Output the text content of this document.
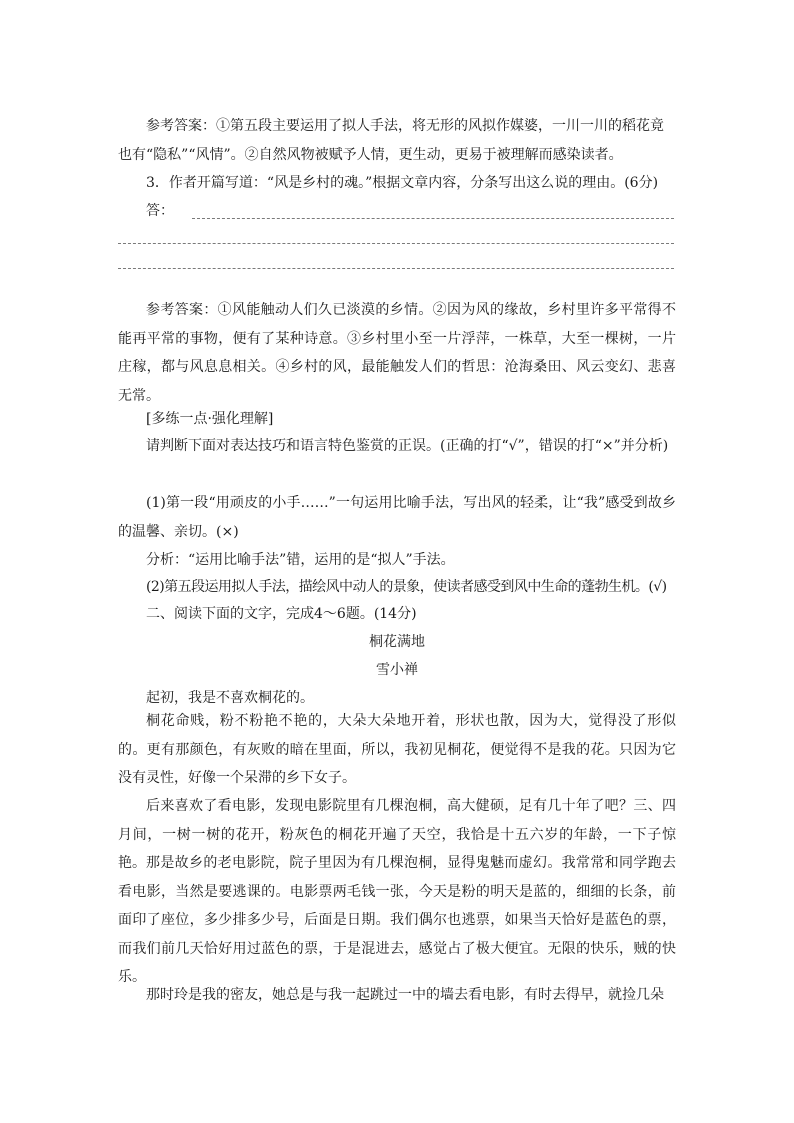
参考答案：①第五段主要运用了拟人手法，将无形的风拟作媒婆，一川一川的稻花竟
也有“隐私”“风情”。②自然风物被赋予人情，更生动，更易于被理解而感染读者。
3．作者开篇写道：“风是乡村的魂。”根据文章内容，分条写出这么说的理由。(6分)
答：
参考答案：①风能触动人们久已淡漠的乡情。②因为风的缘故，乡村里许多平常得不能再平常的事物，便有了某种诗意。③乡村里小至一片浮萍，一株草，大至一棵树，一片庄稼，都与风息息相关。④乡村的风，最能触发人们的哲思：沧海桑田、风云变幻、悲喜无常。
[多练一点·强化理解]
请判断下面对表达技巧和语言特色鉴赏的正误。(正确的打“√”，错误的打“×”并分析)
(1)第一段“用顽皮的小手……”一句运用比喻手法，写出风的轻柔，让“我”感受到故乡的温馨、亲切。(×)
分析：“运用比喻手法”错，运用的是“拟人”手法。
(2)第五段运用拟人手法，描绘风中动人的景象，使读者感受到风中生命的蓬勃生机。(√)
二、阅读下面的文字，完成4～6题。(14分)
桐花满地
雪小禅
起初，我是不喜欢桐花的。
桐花命贱，粉不粉艳不艳的，大朵大朵地开着，形状也散，因为大，觉得没了形似的。更有那颜色，有灰败的暗在里面，所以，我初见桐花，便觉得不是我的花。只因为它没有灵性，好像一个呆滞的乡下女子。
后来喜欢了看电影，发现电影院里有几棵泡桐，高大健硕，足有几十年了吧？三、四月间，一树一树的花开，粉灰色的桐花开遍了天空，我恰是十五六岁的年龄，一下子惊艳。 那是故乡的老电影院，院子里因为有几棵泡桐，显得鬼魅而虚幻。我常常和同学跑去看电影，当然是要逃课的。电影票两毛钱一张，今天是粉的明天是蓝的，细细的长条，前面印了座位，多少排多少号，后面是日期。我们偶尔也逃票，如果当天恰好是蓝色的票，而我们前几天恰好用过蓝色的票，于是混进去，感觉占了极大便宜。无限的快乐，贼的快乐。
那时玲是我的密友，她总是与我一起跳过一中的墙去看电影，有时去得早，就捡几朵
